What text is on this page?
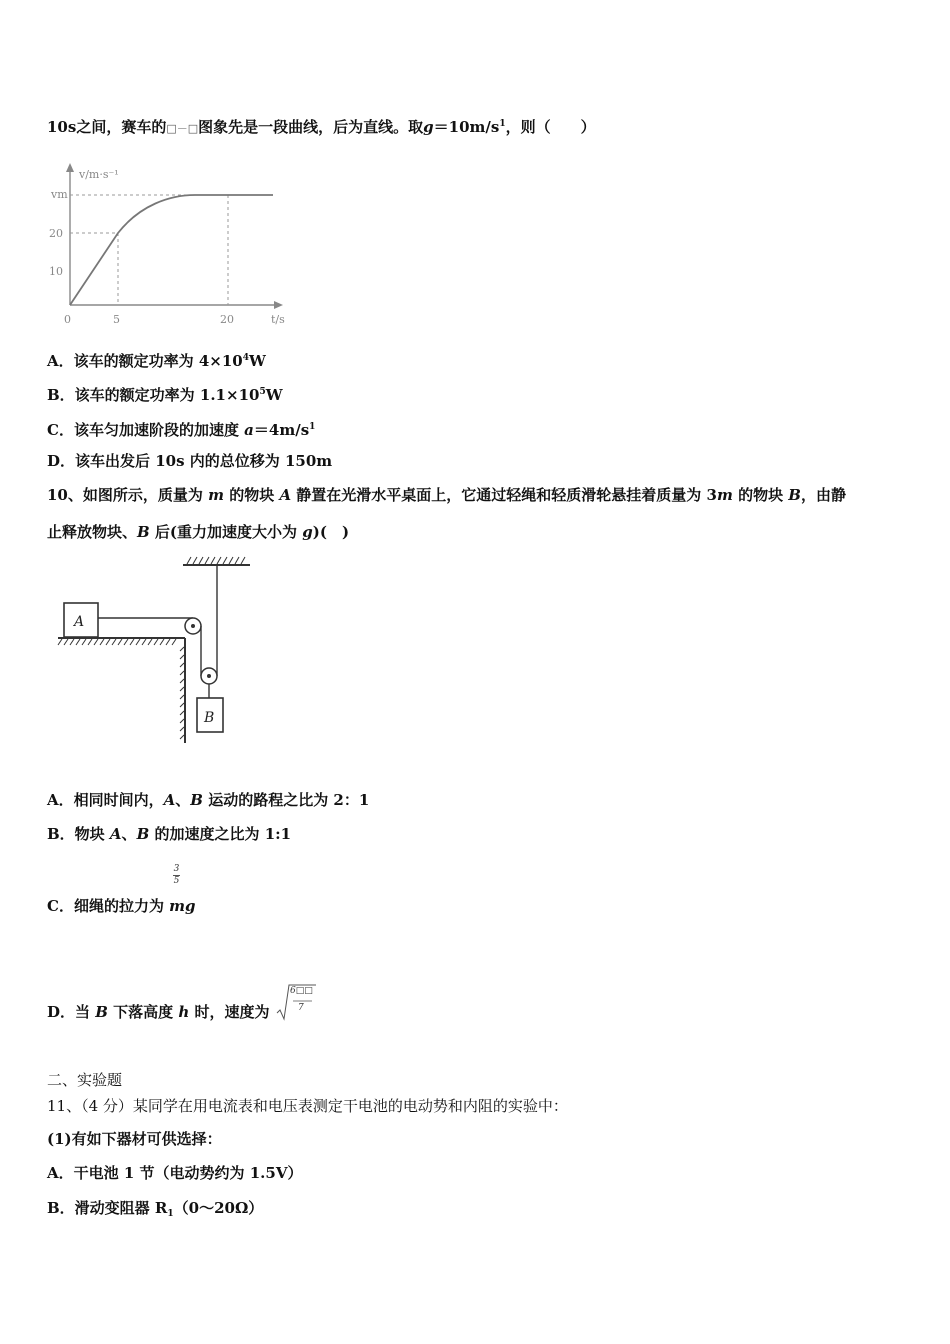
10s之间，赛车的□－□图象先是一段曲线，后为直线。取$g=10m/s^1$，则（　　）
v/m·s⁻¹
vm
20
10
0	5	20	t/s
A．该车的额定功率为 $4\times 10^4W$
B．该车的额定功率为 $1.1\times 10^5W$
C．该车匀加速阶段的加速度 $a=4m/s^1$
D．该车出发后 10s 内的总位移为 150m
10、如图所示，质量为 m 的物块 A 静置在光滑水平桌面上，它通过轻绳和轻质滑轮悬挂着质量为 3m 的物块 B，由静
止释放物块、B 后(重力加速度大小为 g)(　)
A
B
A．相同时间内，A、B 运动的路程之比为 2：1
B．物块 A、B 的加速度之比为 1:1
3
5
C．细绳的拉力为 mg
D．当 B 下落高度 h 时，速度为
6□□
7
二、实验题
11、（4 分）某同学在用电流表和电压表测定干电池的电动势和内阻的实验中：
(1)有如下器材可供选择：
A．干电池 1 节（电动势约为 1.5V）
B．滑动变阻器 $R_1(0\sim 20\Omega)$
